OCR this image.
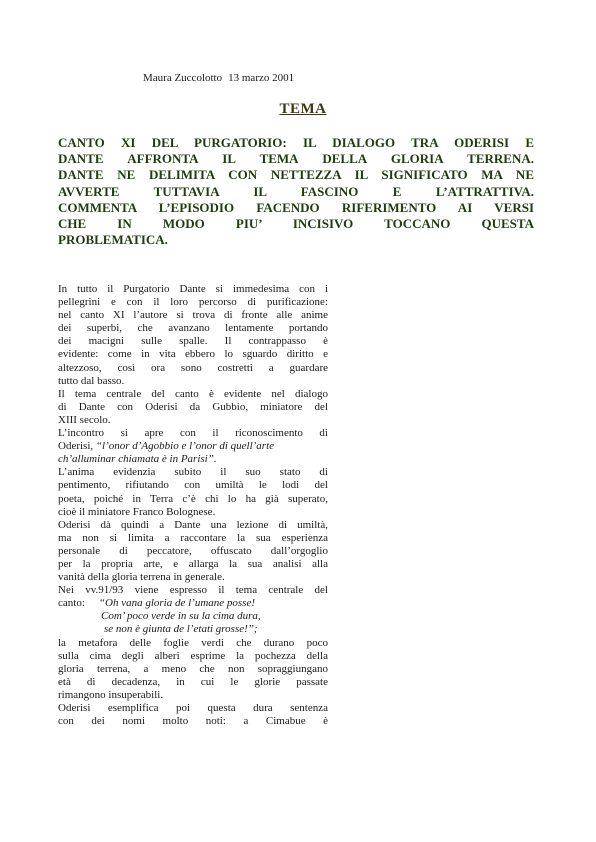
Maura Zuccolotto 13 marzo 2001
TEMA
CANTO XI DEL PURGATORIO: IL DIALOGO TRA ODERISI E
DANTE AFFRONTA IL TEMA DELLA GLORIA TERRENA.
DANTE NE DELIMITA CON NETTEZZA IL SIGNIFICATO MA NE
AVVERTE TUTTAVIA IL FASCINO E L’ATTRATTIVA.
COMMENTA L’EPISODIO FACENDO RIFERIMENTO AI VERSI
CHE IN MODO PIU’ INCISIVO TOCCANO QUESTA
PROBLEMATICA.
In tutto il Purgatorio Dante si immedesima con i
pellegrini e con il loro percorso di purificazione:
nel canto XI l’autore si trova di fronte alle anime
dei superbi, che avanzano lentamente portando
dei macigni sulle spalle. Il contrappasso è
evidente: come in vita ebbero lo sguardo diritto e
altezzoso, così ora sono costretti a guardare
tutto dal basso.
Il tema centrale del canto è evidente nel dialogo
di Dante con Oderisi da Gubbio, miniatore del
XIII secolo.
L’incontro si apre con il riconoscimento di
Oderisi, “l’onor d’Agobbio e l’onor di quell’arte
ch’alluminar chiamata è in Parisi”.
L’anima evidenzia subito il suo stato di
pentimento, rifiutando con umiltà le lodi del
poeta, poiché in Terra c’è chi lo ha già superato,
cioè il miniatore Franco Bolognese.
Oderisi dà quindi a Dante una lezione di umiltà,
ma non si limita a raccontare la sua esperienza
personale di peccatore, offuscato dall’orgoglio
per la propria arte, e allarga la sua analisi alla
vanità della gloria terrena in generale.
Nei vv.91/93 viene espresso il tema centrale del
canto: “Oh vana gloria de l’umane posse!
Com’ poco verde in su la cima dura,
se non è giunta de l’etati grosse!”;
la metafora delle foglie verdi che durano poco
sulla cima degli alberi esprime la pochezza della
gloria terrena, a meno che non sopraggiungano
età di decadenza, in cui le glorie passate
rimangono insuperabili.
Oderisi esemplifica poi questa dura sentenza
con dei nomi molto noti: a Cimabue è
